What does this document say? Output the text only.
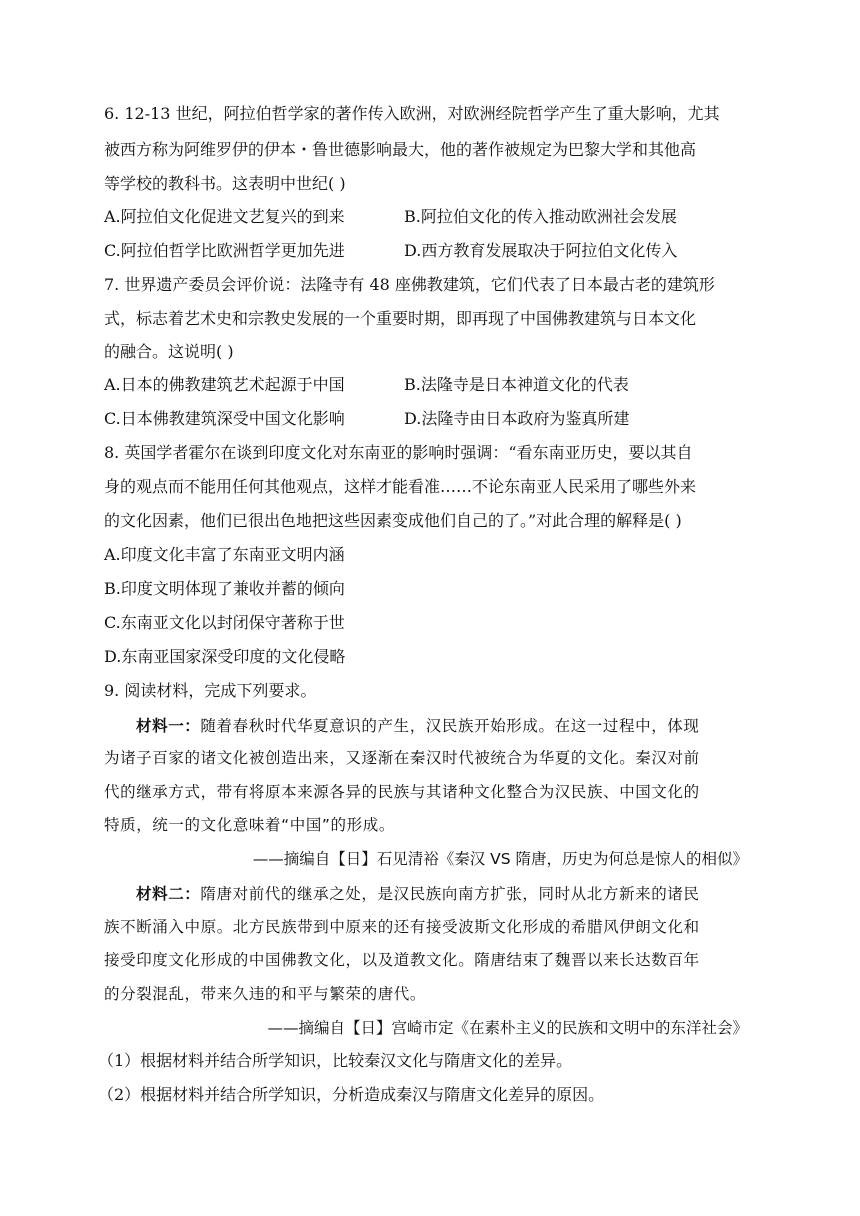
6. 12-13 世纪，阿拉伯哲学家的著作传入欧洲，对欧洲经院哲学产生了重大影响，尤其
被西方称为阿维罗伊的伊本・鲁世德影响最大，他的著作被规定为巴黎大学和其他高
等学校的教科书。这表明中世纪( )
A.阿拉伯文化促进文艺复兴的到来	B.阿拉伯文化的传入推动欧洲社会发展
C.阿拉伯哲学比欧洲哲学更加先进	D.西方教育发展取决于阿拉伯文化传入
7. 世界遗产委员会评价说：法隆寺有 48 座佛教建筑，它们代表了日本最古老的建筑形
式，标志着艺术史和宗教史发展的一个重要时期，即再现了中国佛教建筑与日本文化
的融合。这说明( )
A.日本的佛教建筑艺术起源于中国	B.法隆寺是日本神道文化的代表
C.日本佛教建筑深受中国文化影响	D.法隆寺由日本政府为鉴真所建
8. 英国学者霍尔在谈到印度文化对东南亚的影响时强调：“看东南亚历史，要以其自
身的观点而不能用任何其他观点，这样才能看准……不论东南亚人民采用了哪些外来
的文化因素，他们已很出色地把这些因素变成他们自己的了。”对此合理的解释是( )
A.印度文化丰富了东南亚文明内涵
B.印度文明体现了兼收并蓄的倾向
C.东南亚文化以封闭保守著称于世
D.东南亚国家深受印度的文化侵略
9. 阅读材料，完成下列要求。
材料一：随着春秋时代华夏意识的产生，汉民族开始形成。在这一过程中，体现
为诸子百家的诸文化被创造出来，又逐渐在秦汉时代被统合为华夏的文化。秦汉对前
代的继承方式，带有将原本来源各异的民族与其诸种文化整合为汉民族、中国文化的
特质，统一的文化意味着“中国”的形成。
——摘编自【日】石见清裕《秦汉 VS 隋唐，历史为何总是惊人的相似》
材料二：隋唐对前代的继承之处，是汉民族向南方扩张，同时从北方新来的诸民
族不断涌入中原。北方民族带到中原来的还有接受波斯文化形成的希腊风伊朗文化和
接受印度文化形成的中国佛教文化，以及道教文化。隋唐结束了魏晋以来长达数百年
的分裂混乱，带来久违的和平与繁荣的唐代。
——摘编自【日】宫崎市定《在素朴主义的民族和文明中的东洋社会》
（1）根据材料并结合所学知识，比较秦汉文化与隋唐文化的差异。
（2）根据材料并结合所学知识，分析造成秦汉与隋唐文化差异的原因。
